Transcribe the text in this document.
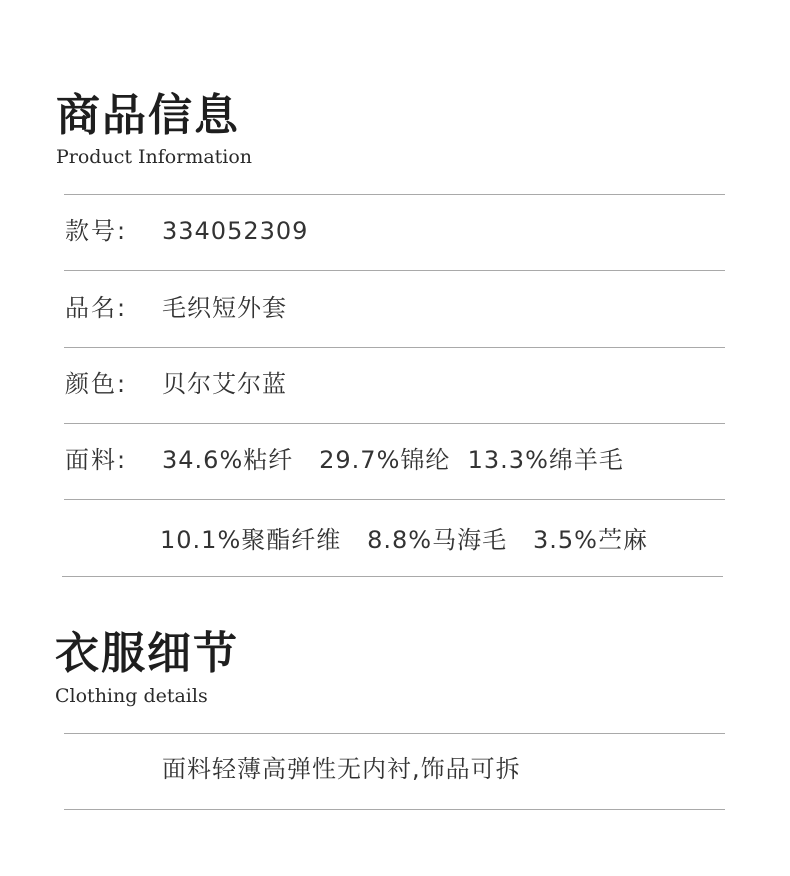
商品信息
Product Information
款号: 334052309
品名: 毛织短外套
颜色: 贝尔艾尔蓝
面料: 34.6%粘纤   29.7%锦纶  13.3%绵羊毛
10.1%聚酯纤维   8.8%马海毛   3.5%苎麻
衣服细节
Clothing details
面料轻薄高弹性无内衬,饰品可拆
